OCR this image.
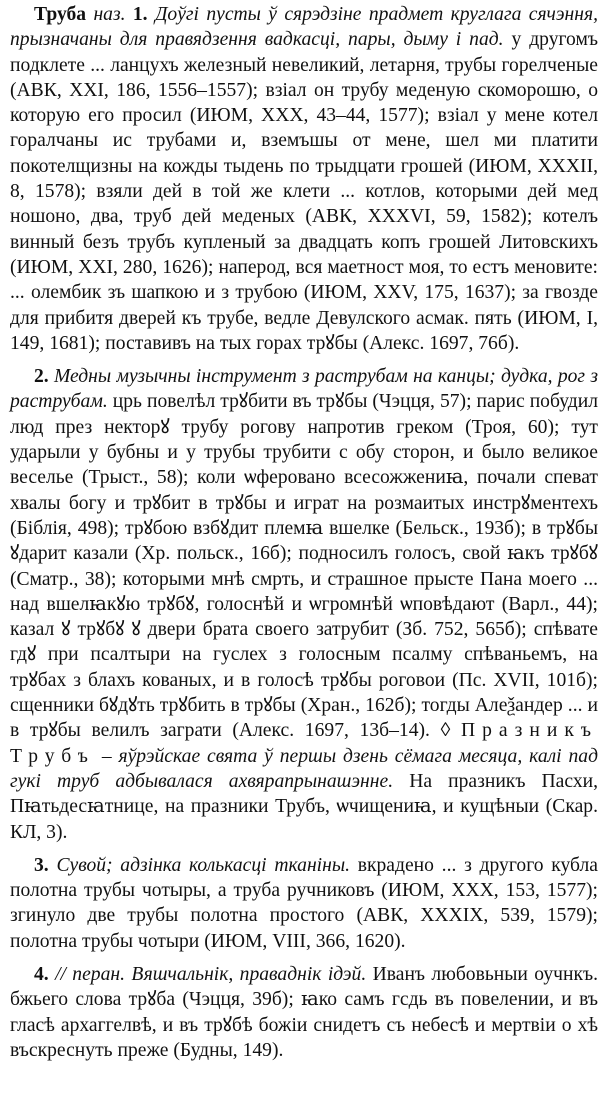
Труба наз. 1. Доўгі пусты ў сярэдзіне прадмет круглага сячэння, прызначаны для правядзення вадкасці, пары, дыму і пад. у другомъ подклете ... ланцухъ железный невеликий, летарня, трубы горелченые (АВК, XXI, 186, 1556–1557); взiал он трубу меденую скоморошю, о которую его просил (ИЮМ, XXX, 43–44, 1577); взiал у мене котел горалчаны ис трубами и, вземъшы от мене, шел ми платити покотелщизны на кожды тыдень по трыдцати грошей (ИЮМ, XXXII, 8, 1578); взяли дей в той же клети ... котлов, которыми дей мед ношоно, два, труб дей меденых (АВК, XXXVI, 59, 1582); котелъ винный безъ трубъ купленый за двадцать копъ грошей Литовскихъ (ИЮМ, XXI, 280, 1626); наперод, вся маетност моя, то естъ меновите: ... олембик зъ шапкою и з трубою (ИЮМ, XXV, 175, 1637); за гвозде для прибитя дверей къ трубе, ведле Девулского асмак. пять (ИЮМ, I, 149, 1681); поставивъ на тыx горах трꙋбы (Алекс. 1697, 76б).

2. Медны музычны інструмент з раструбам на канцы; дудка, рог з раструбам. црь повелѣл трꙋбити въ трꙋбы (Чэцця, 57); парис побудил люд през некторꙋ трубу рогову напротив греком (Троя, 60); тут ударыли у бубны и у трубы трубити с обу сторон, и было великое веселье (Трыст., 58); коли ѡферовано всесожжениꙗ, почали спеват хвалы богу и трꙋбит в трꙋбы и играт на розмаитых инстрꙋментехъ (Біблія, 498); трꙋбою взбꙋдит племꙗ вшелке (Бельск., 193б); в трꙋбы ꙋдарит казали (Хр. польск., 16б); подносилъ голосъ, свой ꙗкъ трꙋбꙋ (Сматр., 38); которыми мнѣ смрть, и страшное прыcте Пана моего ... над вшелꙗкꙋю трꙋбꙋ, голоснѣй и ѡгромнѣй ѡповѣдают (Варл., 44); казал ꙋ трꙋбꙋ ꙋ двери брата своего затрубит (Зб. 752, 565б); спѣвате гдꙋ при псалтыри на гуслех з голосным псалму спѣваньемъ, на трꙋбах з блахъ кованых, и в голосѣ трꙋбы роговои (Пс. XVII, 101б); сщенники бꙋдꙋть трꙋбить в трꙋбы (Хран., 162б); тогды Алеѯандер ... и в трꙋбы велилъ заграти (Алекс. 1697, 13б–14). ◊ Празникъ Трубъ – яўрэйскае свята ў першы дзень сёмага месяца, калі пад гукі труб адбывалася ахвярапрынашэнне. На празникъ Пасхи, Пꙗтьдесꙗтнице, на празники Трубъ, ѡчищениꙗ, и кущѣныи (Скар. КЛ, 3).

3. Сувой; адзінка колькасці тканіны. вкрадено ... з другого кубла полотна трубы чотыры, а труба ручниковъ (ИЮМ, XXX, 153, 1577); згинуло две трубы полотна простого (АВК, XXXIX, 539, 1579); полотна трубы чотыри (ИЮМ, VIII, 366, 1620).

4. // перан. Вяшчальнік, праваднік ідэй. Иванъ любовьныи оучнкъ. бжьего слова трꙋба (Чэцця, 39б); ꙗко самъ гсдь въ повелении, и въ гласѣ архаггелвѣ, и въ трꙋбѣ божiи снидетъ съ небесѣ и мертвiи о хѣ въскреснуть преже (Будны, 149).
